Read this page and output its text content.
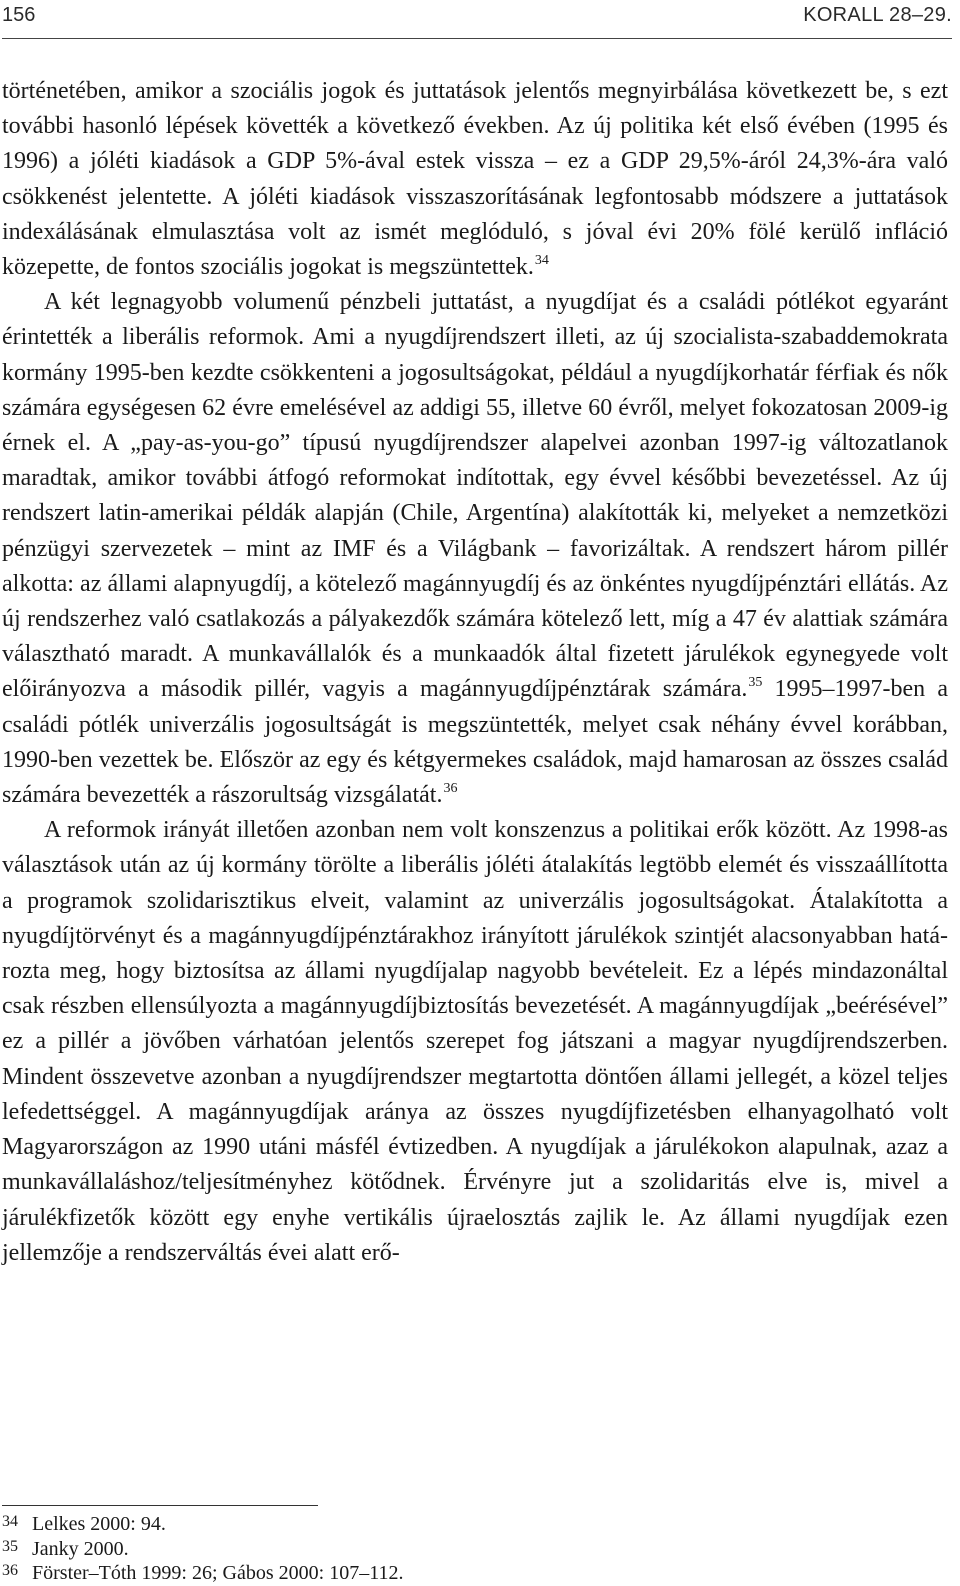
156	KORALL 28–29.

történetében, amikor a szociális jogok és juttatások jelentős megnyirbálása következett be, s ezt további hasonló lépések követték a következő években. Az új politika két első évében (1995 és 1996) a jóléti kiadások a GDP 5%-ával estek vissza – ez a GDP 29,5%-áról 24,3%-ára való csökkenést jelentette. A jóléti kiadások visszaszorításának legfontosabb módszere a juttatások indexálásának elmulasztása volt az ismét meglóduló, s jóval évi 20% fölé kerülő infláció közepette, de fontos szociális jogokat is megszüntettek.$^{34}$

A két legnagyobb volumenű pénzbeli juttatást, a nyugdíjat és a családi pótlékot egyaránt érintették a liberális reformok. Ami a nyugdíjrendszert illeti, az új szocialista-szabaddemokrata kormány 1995-ben kezdte csökkenteni a jogosultságokat, például a nyugdíjkorhatár férfiak és nők számára egységesen 62 évre emelésével az addigi 55, illetve 60 évről, melyet fokozatosan 2009-ig érnek el. A „pay-as-you-go” típusú nyugdíjrendszer alapelvei azonban 1997-ig változatlanok maradtak, amikor további átfogó reformokat indítottak, egy évvel későbbi bevezetéssel. Az új rendszert latin-amerikai példák alapján (Chile, Argentína) alakították ki, melyeket a nemzetközi pénzügyi szervezetek – mint az IMF és a Világbank – favorizáltak. A rendszert három pillér alkotta: az állami alapnyugdíj, a kötelező magánnyugdíj és az önkéntes nyugdíjpénztári ellátás. Az új rendszerhez való csatlakozás a pályakezdők számára kötelező lett, míg a 47 év alattiak számára választható maradt. A munkavállalók és a munkaadók által fizetett járulékok egynegyede volt előirányozva a második pillér, vagyis a magánnyugdíjpénztárak számára.$^{35}$ 1995–1997-ben a családi pótlék univerzális jogosultságát is megszüntették, melyet csak néhány évvel korábban, 1990-ben vezettek be. Először az egy és kétgyermekes családok, majd hamarosan az összes család számára bevezették a rászorultság vizsgálatát.$^{36}$

A reformok irányát illetően azonban nem volt konszenzus a politikai erők között. Az 1998-as választások után az új kormány törölte a liberális jóléti átalakítás legtöbb elemét és visszaállította a programok szolidarisztikus elveit, valamint az univerzális jogosultságokat. Átalakította a nyugdíjtörvényt és a magánnyugdíjpénztárakhoz irányított járulékok szintjét alacsonyabban határozta meg, hogy biztosítsa az állami nyugdíjalap nagyobb bevételeit. Ez a lépés mindazonáltal csak részben ellensúlyozta a magánnyugdíjbiztosítás bevezetését. A magánnyugdíjak „beérésével” ez a pillér a jövőben várhatóan jelentős szerepet fog játszani a magyar nyugdíjrendszerben. Mindent összevetve azonban a nyugdíjrendszer megtartotta döntően állami jellegét, a közel teljes lefedettséggel. A magánnyugdíjak aránya az összes nyugdíjfizetésben elhanyagolható volt Magyarországon az 1990 utáni másfél évtizedben. A nyugdíjak a járulékokon alapulnak, azaz a munkavállaláshoz/teljesítményhez kötődnek. Érvényre jut a szolidaritás elve is, mivel a járulékfizetők között egy enyhe vertikális újraelosztás zajlik le. Az állami nyugdíjak ezen jellemzője a rendszerváltás évei alatt erő-

34 Lelkes 2000: 94.
35 Janky 2000.
36 Förster–Tóth 1999: 26; Gábos 2000: 107–112.
